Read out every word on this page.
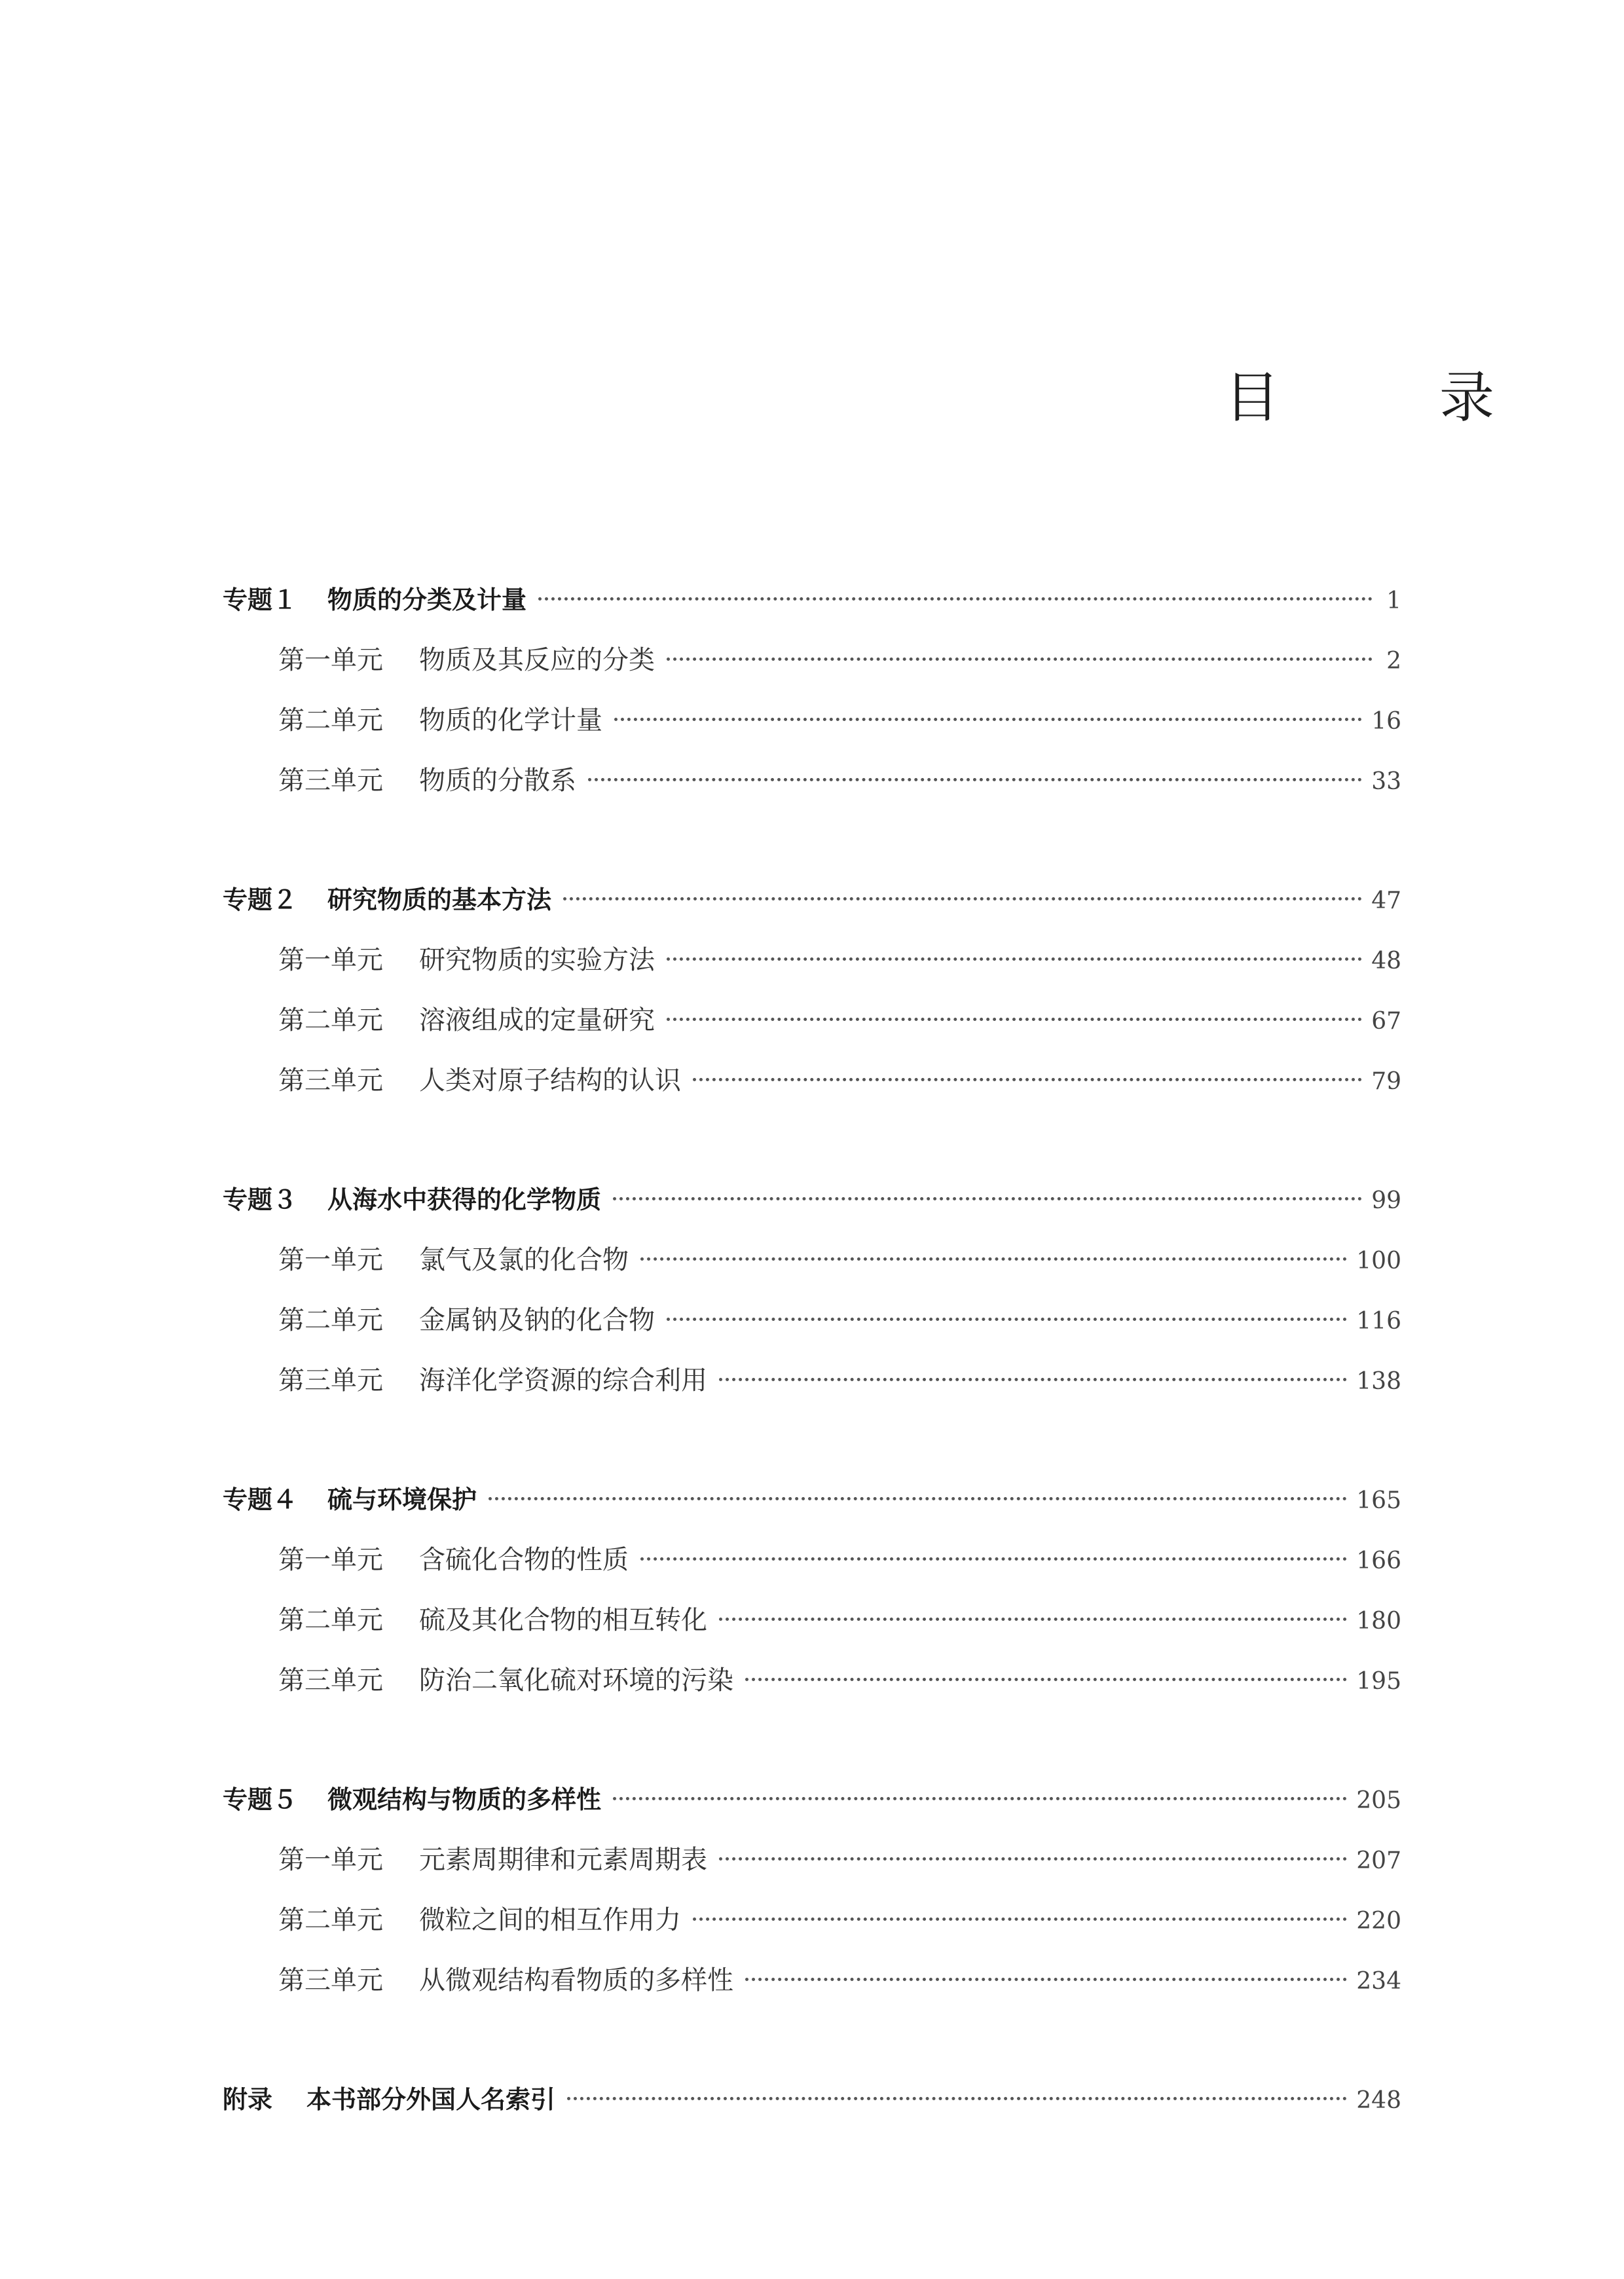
目　录
专题１	物质的分类及计量	1
第一单元	物质及其反应的分类	2
第二单元	物质的化学计量	16
第三单元	物质的分散系	33
专题２	研究物质的基本方法	47
第一单元	研究物质的实验方法	48
第二单元	溶液组成的定量研究	67
第三单元	人类对原子结构的认识	79
专题３	从海水中获得的化学物质	99
第一单元	氯气及氯的化合物	100
第二单元	金属钠及钠的化合物	116
第三单元	海洋化学资源的综合利用	138
专题４	硫与环境保护	165
第一单元	含硫化合物的性质	166
第二单元	硫及其化合物的相互转化	180
第三单元	防治二氧化硫对环境的污染	195
专题５	微观结构与物质的多样性	205
第一单元	元素周期律和元素周期表	207
第二单元	微粒之间的相互作用力	220
第三单元	从微观结构看物质的多样性	234
附录	本书部分外国人名索引	248
